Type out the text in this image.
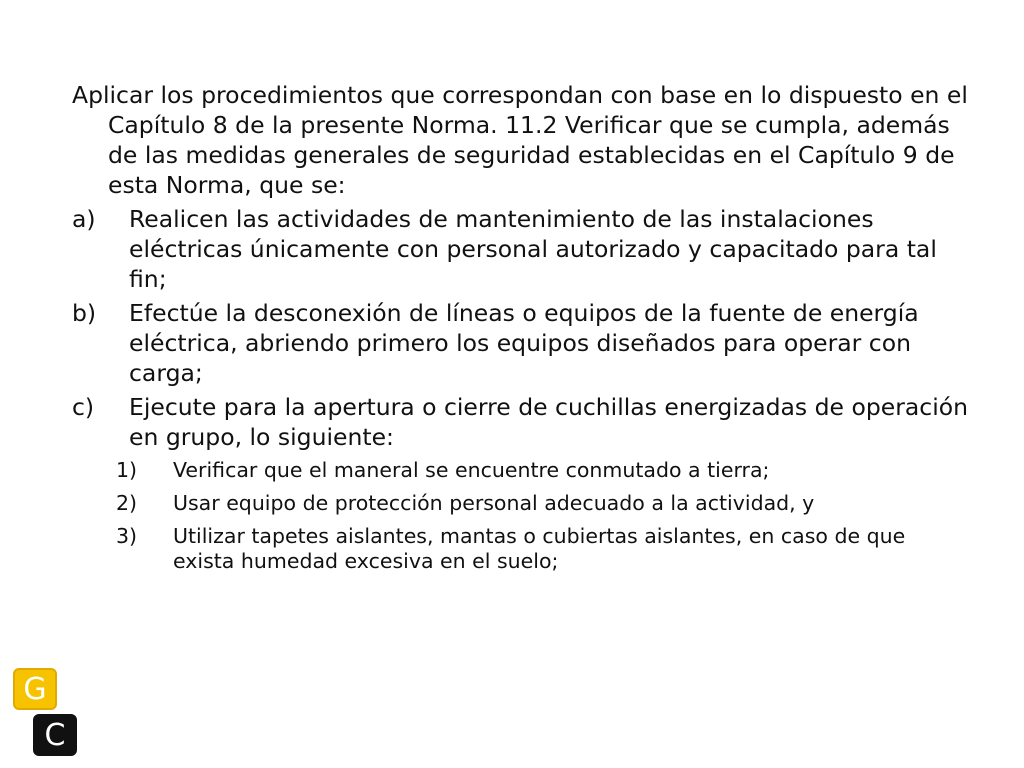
Aplicar los procedimientos que correspondan con base en lo dispuesto en el Capítulo 8 de la presente Norma. 11.2 Verificar que se cumpla, además de las medidas generales de seguridad establecidas en el Capítulo 9 de esta Norma, que se:

a)	Realicen las actividades de mantenimiento de las instalaciones eléctricas únicamente con personal autorizado y capacitado para tal fin;
b)	Efectúe la desconexión de líneas o equipos de la fuente de energía eléctrica, abriendo primero los equipos diseñados para operar con carga;
c)	Ejecute para la apertura o cierre de cuchillas energizadas de operación en grupo, lo siguiente:
1)	Verificar que el maneral se encuentre conmutado a tierra;
2)	Usar equipo de protección personal adecuado a la actividad, y
3)	Utilizar tapetes aislantes, mantas o cubiertas aislantes, en caso de que exista humedad excesiva en el suelo;
G
C
